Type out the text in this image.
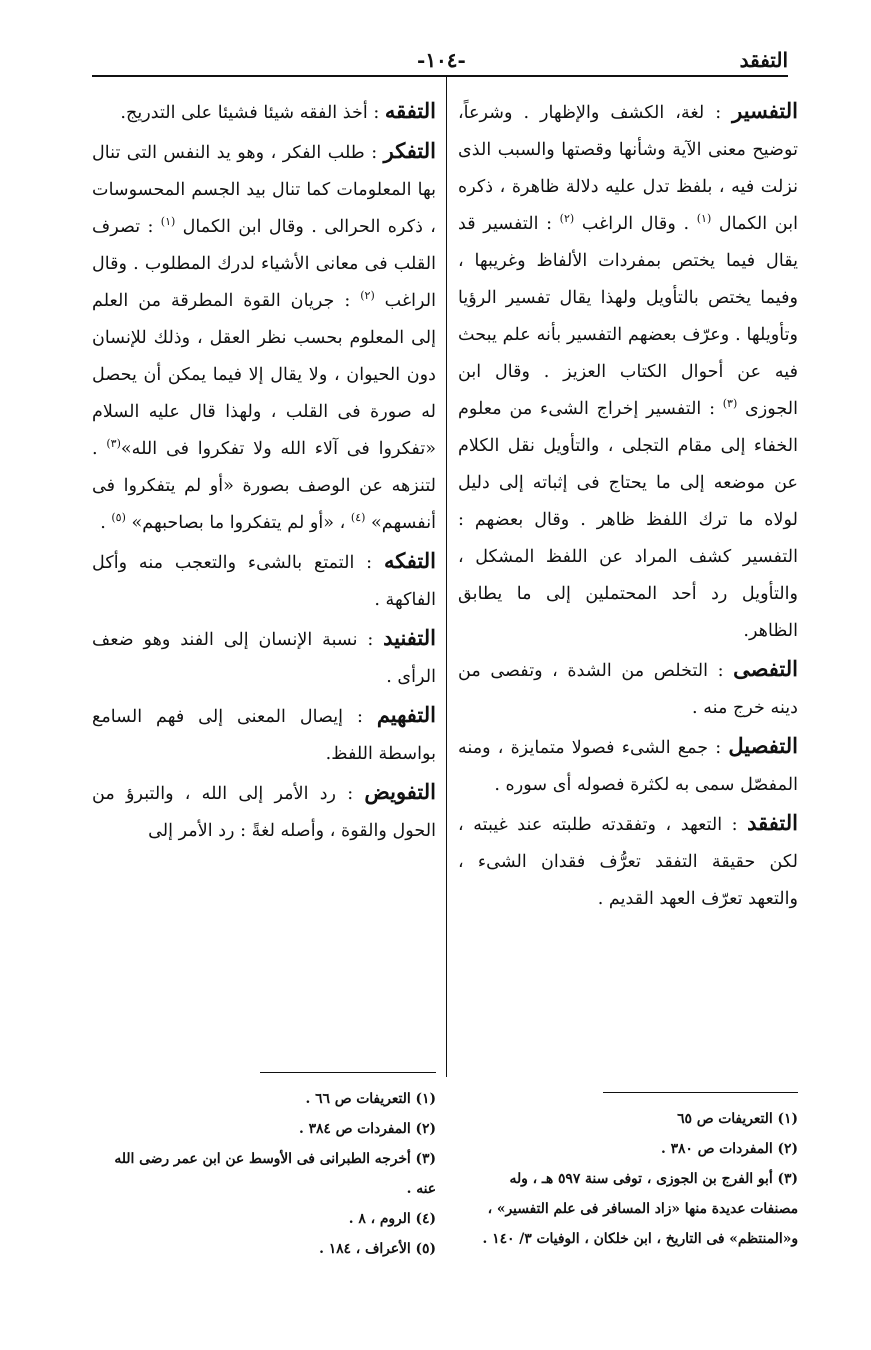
التفقد
-١٠٤-

التفسير : لغة، الكشف والإظهار . وشرعاً، توضيح معنى الآية وشأنها وقصتها والسبب الذى نزلت فيه ، بلفظ تدل عليه دلالة ظاهرة ، ذكره ابن الكمال $^{(١)}$ . وقال الراغب $^{(٢)}$ : التفسير قد يقال فيما يختص بمفردات الألفاظ وغريبها ، وفيما يختص بالتأويل ولهذا يقال تفسير الرؤيا وتأويلها . وعرّف بعضهم التفسير بأنه علم يبحث فيه عن أحوال الكتاب العزيز . وقال ابن الجوزى $^{(٣)}$ : التفسير إخراج الشىء من معلوم الخفاء إلى مقام التجلى ، والتأويل نقل الكلام عن موضعه إلى ما يحتاج فى إثباته إلى دليل لولاه ما ترك اللفظ ظاهر . وقال بعضهم : التفسير كشف المراد عن اللفظ المشكل ، والتأويل رد أحد المحتملين إلى ما يطابق الظاهر.

التفصى : التخلص من الشدة ، وتفصى من دينه خرج منه .

التفصيل : جمع الشىء فصولا متمايزة ، ومنه المفصّل سمى به لكثرة فصوله أى سوره .

التفقد : التعهد ، وتفقدته طلبته عند غيبته ، لكن حقيقة التفقد تعرُّف فقدان الشىء ، والتعهد تعرّف العهد القديم .

التفقه : أخذ الفقه شيئا فشيئا على التدريج.

التفكر : طلب الفكر ، وهو يد النفس التى تنال بها المعلومات كما تنال بيد الجسم المحسوسات ، ذكره الحرالى . وقال ابن الكمال $^{(١)}$ : تصرف القلب فى معانى الأشياء لدرك المطلوب . وقال الراغب $^{(٢)}$ : جريان القوة المطرقة من العلم إلى المعلوم بحسب نظر العقل ، وذلك للإنسان دون الحيوان ، ولا يقال إلا فيما يمكن أن يحصل له صورة فى القلب ، ولهذا قال عليه السلام «تفكروا فى آلاء الله ولا تفكروا فى الله»$^{(٣)}$ . لتنزهه عن الوصف بصورة «أو لم يتفكروا فى أنفسهم» $^{(٤)}$ ، «أو لم يتفكروا ما بصاحبهم» $^{(٥)}$ .

التفكه : التمتع بالشىء والتعجب منه وأكل الفاكهة .

التفنيد : نسبة الإنسان إلى الفند وهو ضعف الرأى .

التفهيم : إيصال المعنى إلى فهم السامع بواسطة اللفظ.

التفويض : رد الأمر إلى الله ، والتبرؤ من الحول والقوة ، وأصله لغةً : رد الأمر إلى

(١) التعريفات ص ٦٥

(٢) المفردات ص ٣٨٠ .

(٣) أبو الفرج بن الجوزى ، توفى سنة ٥٩٧ هـ ، وله مصنفات عديدة منها «زاد المسافر فى علم التفسير» ، و«المنتظم» فى التاريخ ، ابن خلكان ، الوفيات ٣/ ١٤٠ .

(١) التعريفات ص ٦٦ .

(٢) المفردات ص ٣٨٤ .

(٣) أخرجه الطبرانى فى الأوسط عن ابن عمر رضى الله عنه .

(٤) الروم ، ٨ .

(٥) الأعراف ، ١٨٤ .
